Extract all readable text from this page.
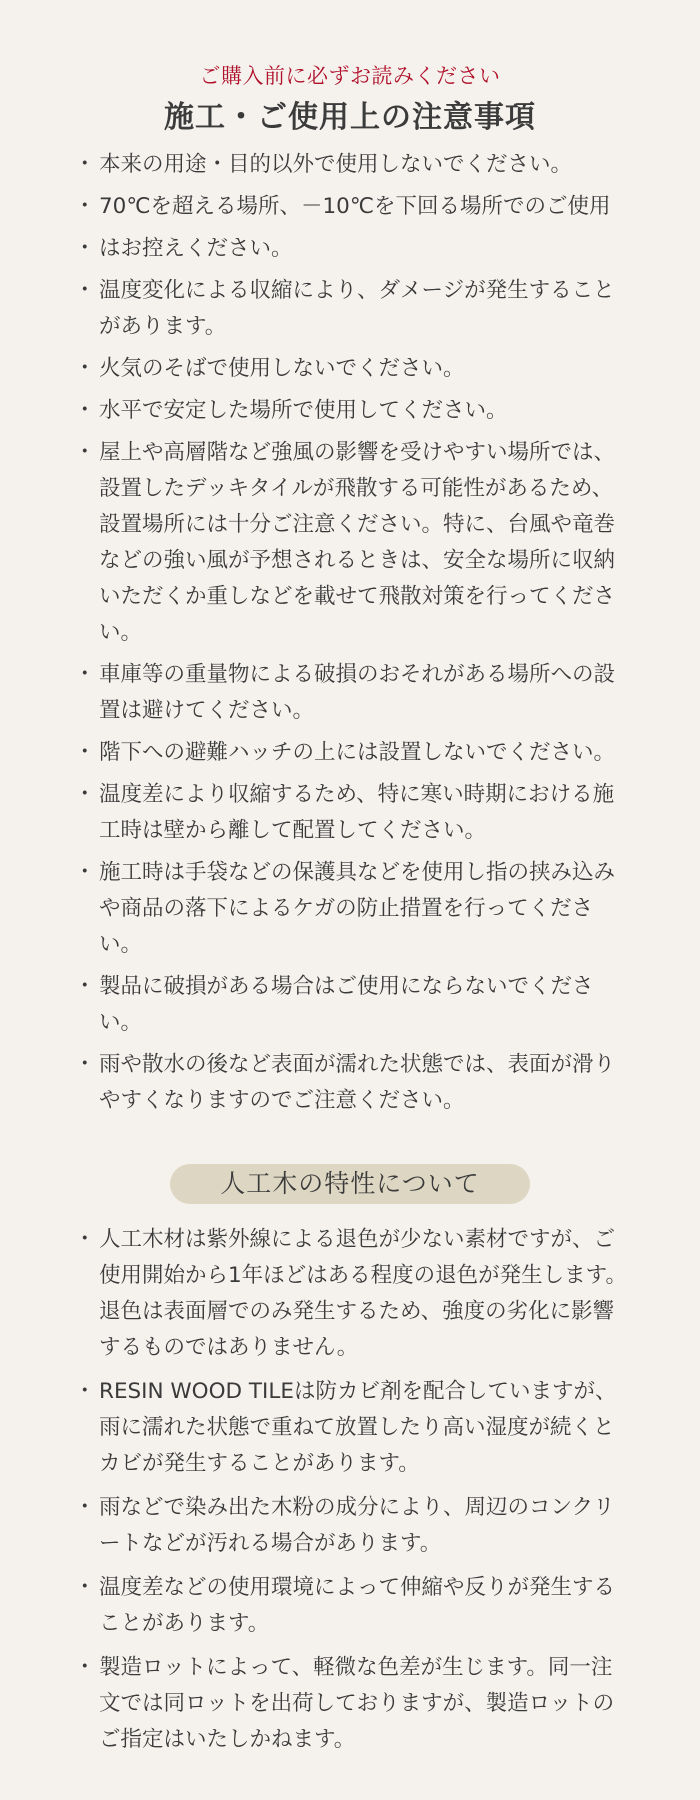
ご購入前に必ずお読みください
施工・ご使用上の注意事項
・ 本来の用途・目的以外で使用しないでください。
・ 70℃を超える場所、－10℃を下回る場所でのご使用
・ はお控えください。
・ 温度変化による収縮により、ダメージが発生することがあります。
・ 火気のそばで使用しないでください。
・ 水平で安定した場所で使用してください。
・ 屋上や高層階など強風の影響を受けやすい場所では、設置したデッキタイルが飛散する可能性があるため、設置場所には十分ご注意ください。特に、台風や竜巻などの強い風が予想されるときは、安全な場所に収納いただくか重しなどを載せて飛散対策を行ってください。
・ 車庫等の重量物による破損のおそれがある場所への設置は避けてください。
・ 階下への避難ハッチの上には設置しないでください。
・ 温度差により収縮するため、特に寒い時期における施工時は壁から離して配置してください。
・ 施工時は手袋などの保護具などを使用し指の挟み込みや商品の落下によるケガの防止措置を行ってください。
・ 製品に破損がある場合はご使用にならないでください。
・ 雨や散水の後など表面が濡れた状態では、表面が滑りやすくなりますのでご注意ください。
人工木の特性について
・ 人工木材は紫外線による退色が少ない素材ですが、ご使用開始から1年ほどはある程度の退色が発生します。退色は表面層でのみ発生するため、強度の劣化に影響するものではありません。
・ RESIN WOOD TILEは防カビ剤を配合していますが、雨に濡れた状態で重ねて放置したり高い湿度が続くとカビが発生することがあります。
・ 雨などで染み出た木粉の成分により、周辺のコンクリートなどが汚れる場合があります。
・ 温度差などの使用環境によって伸縮や反りが発生することがあります。
・ 製造ロットによって、軽微な色差が生じます。同一注文では同ロットを出荷しておりますが、製造ロットのご指定はいたしかねます。
